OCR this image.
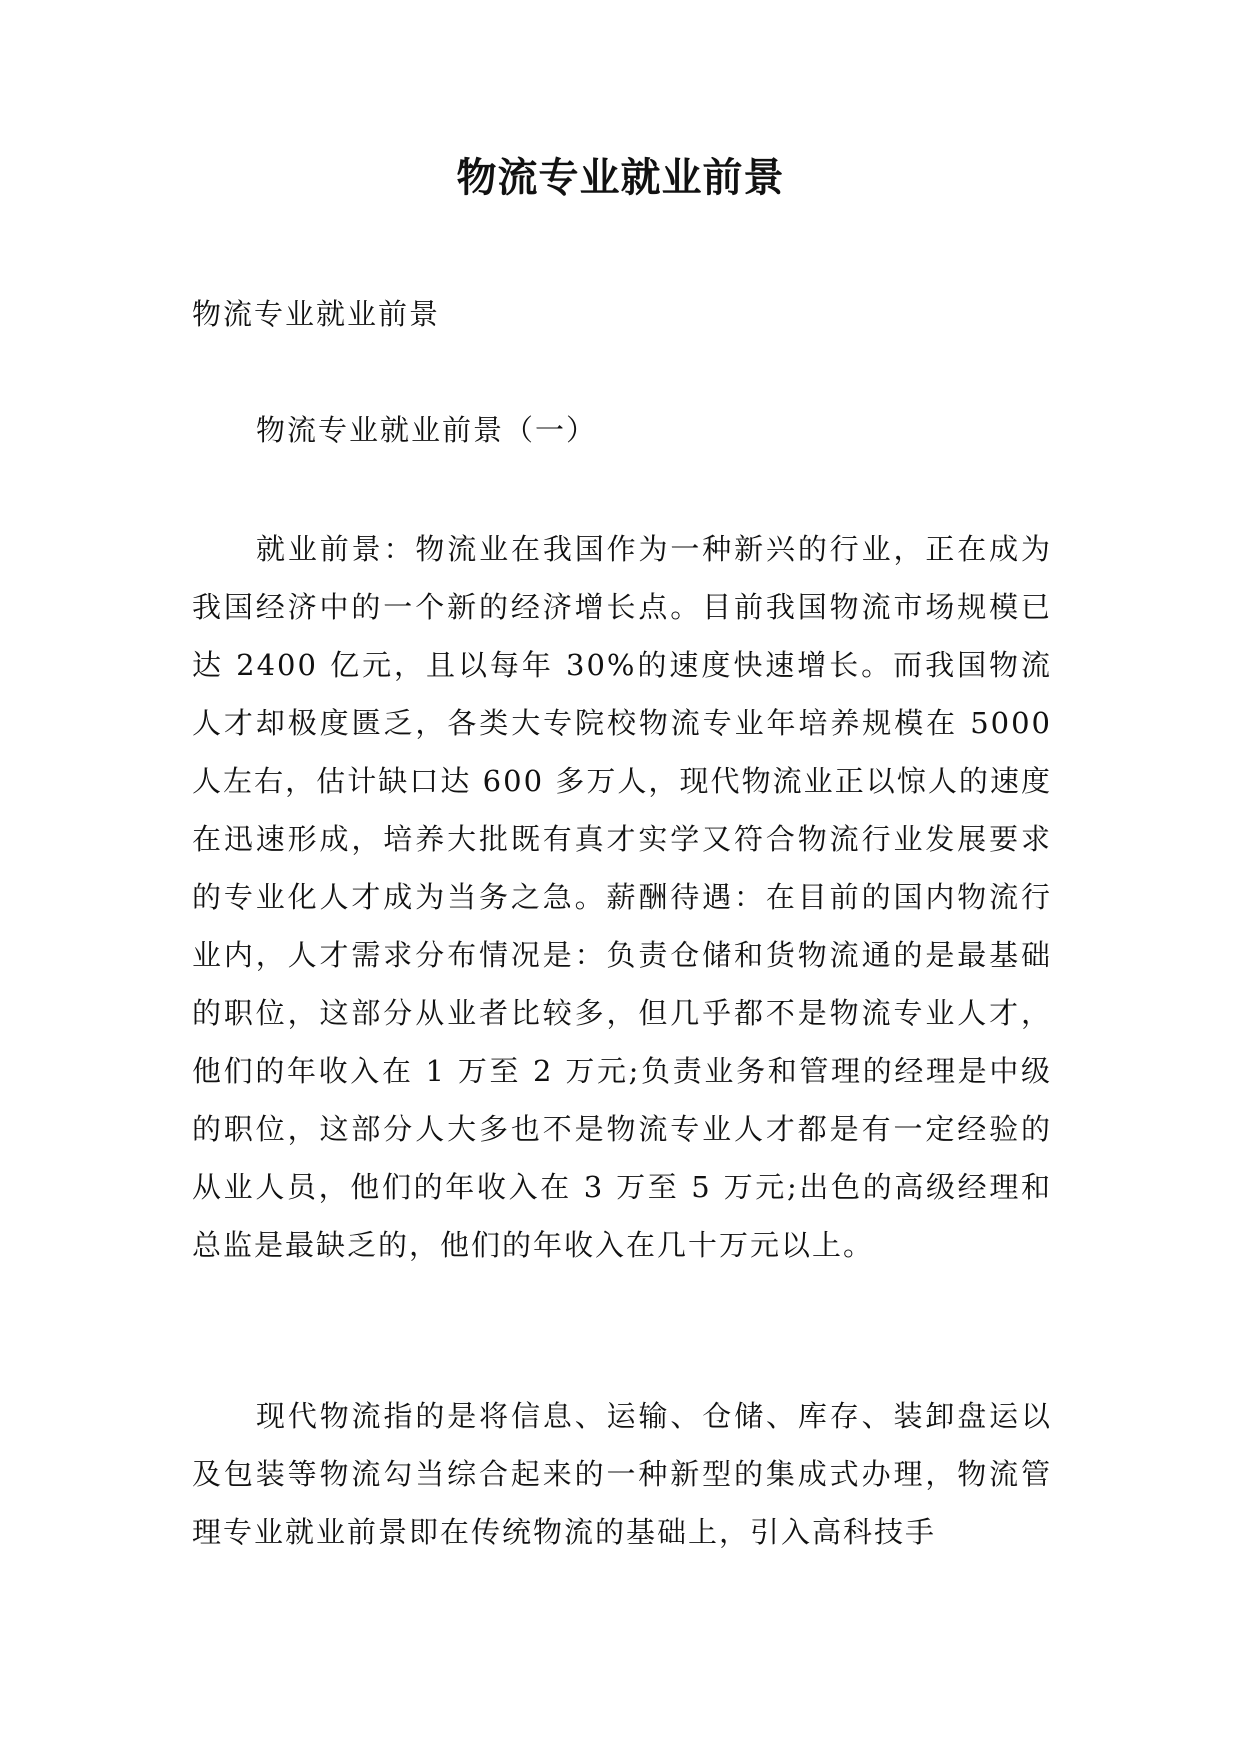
物流专业就业前景

物流专业就业前景

物流专业就业前景（一）

就业前景：物流业在我国作为一种新兴的行业，正在成为我国经济中的一个新的经济增长点。目前我国物流市场规模已达 2400 亿元，且以每年 30%的速度快速增长。而我国物流人才却极度匮乏，各类大专院校物流专业年培养规模在 5000 人左右，估计缺口达 600 多万人，现代物流业正以惊人的速度在迅速形成，培养大批既有真才实学又符合物流行业发展要求的专业化人才成为当务之急。薪酬待遇：在目前的国内物流行业内，人才需求分布情况是：负责仓储和货物流通的是最基础的职位，这部分从业者比较多，但几乎都不是物流专业人才，他们的年收入在 1 万至 2 万元;负责业务和管理的经理是中级的职位，这部分人大多也不是物流专业人才都是有一定经验的从业人员，他们的年收入在 3 万至 5 万元;出色的高级经理和总监是最缺乏的，他们的年收入在几十万元以上。

现代物流指的是将信息、运输、仓储、库存、装卸盘运以及包装等物流勾当综合起来的一种新型的集成式办理，物流管理专业就业前景即在传统物流的基础上，引入高科技手
